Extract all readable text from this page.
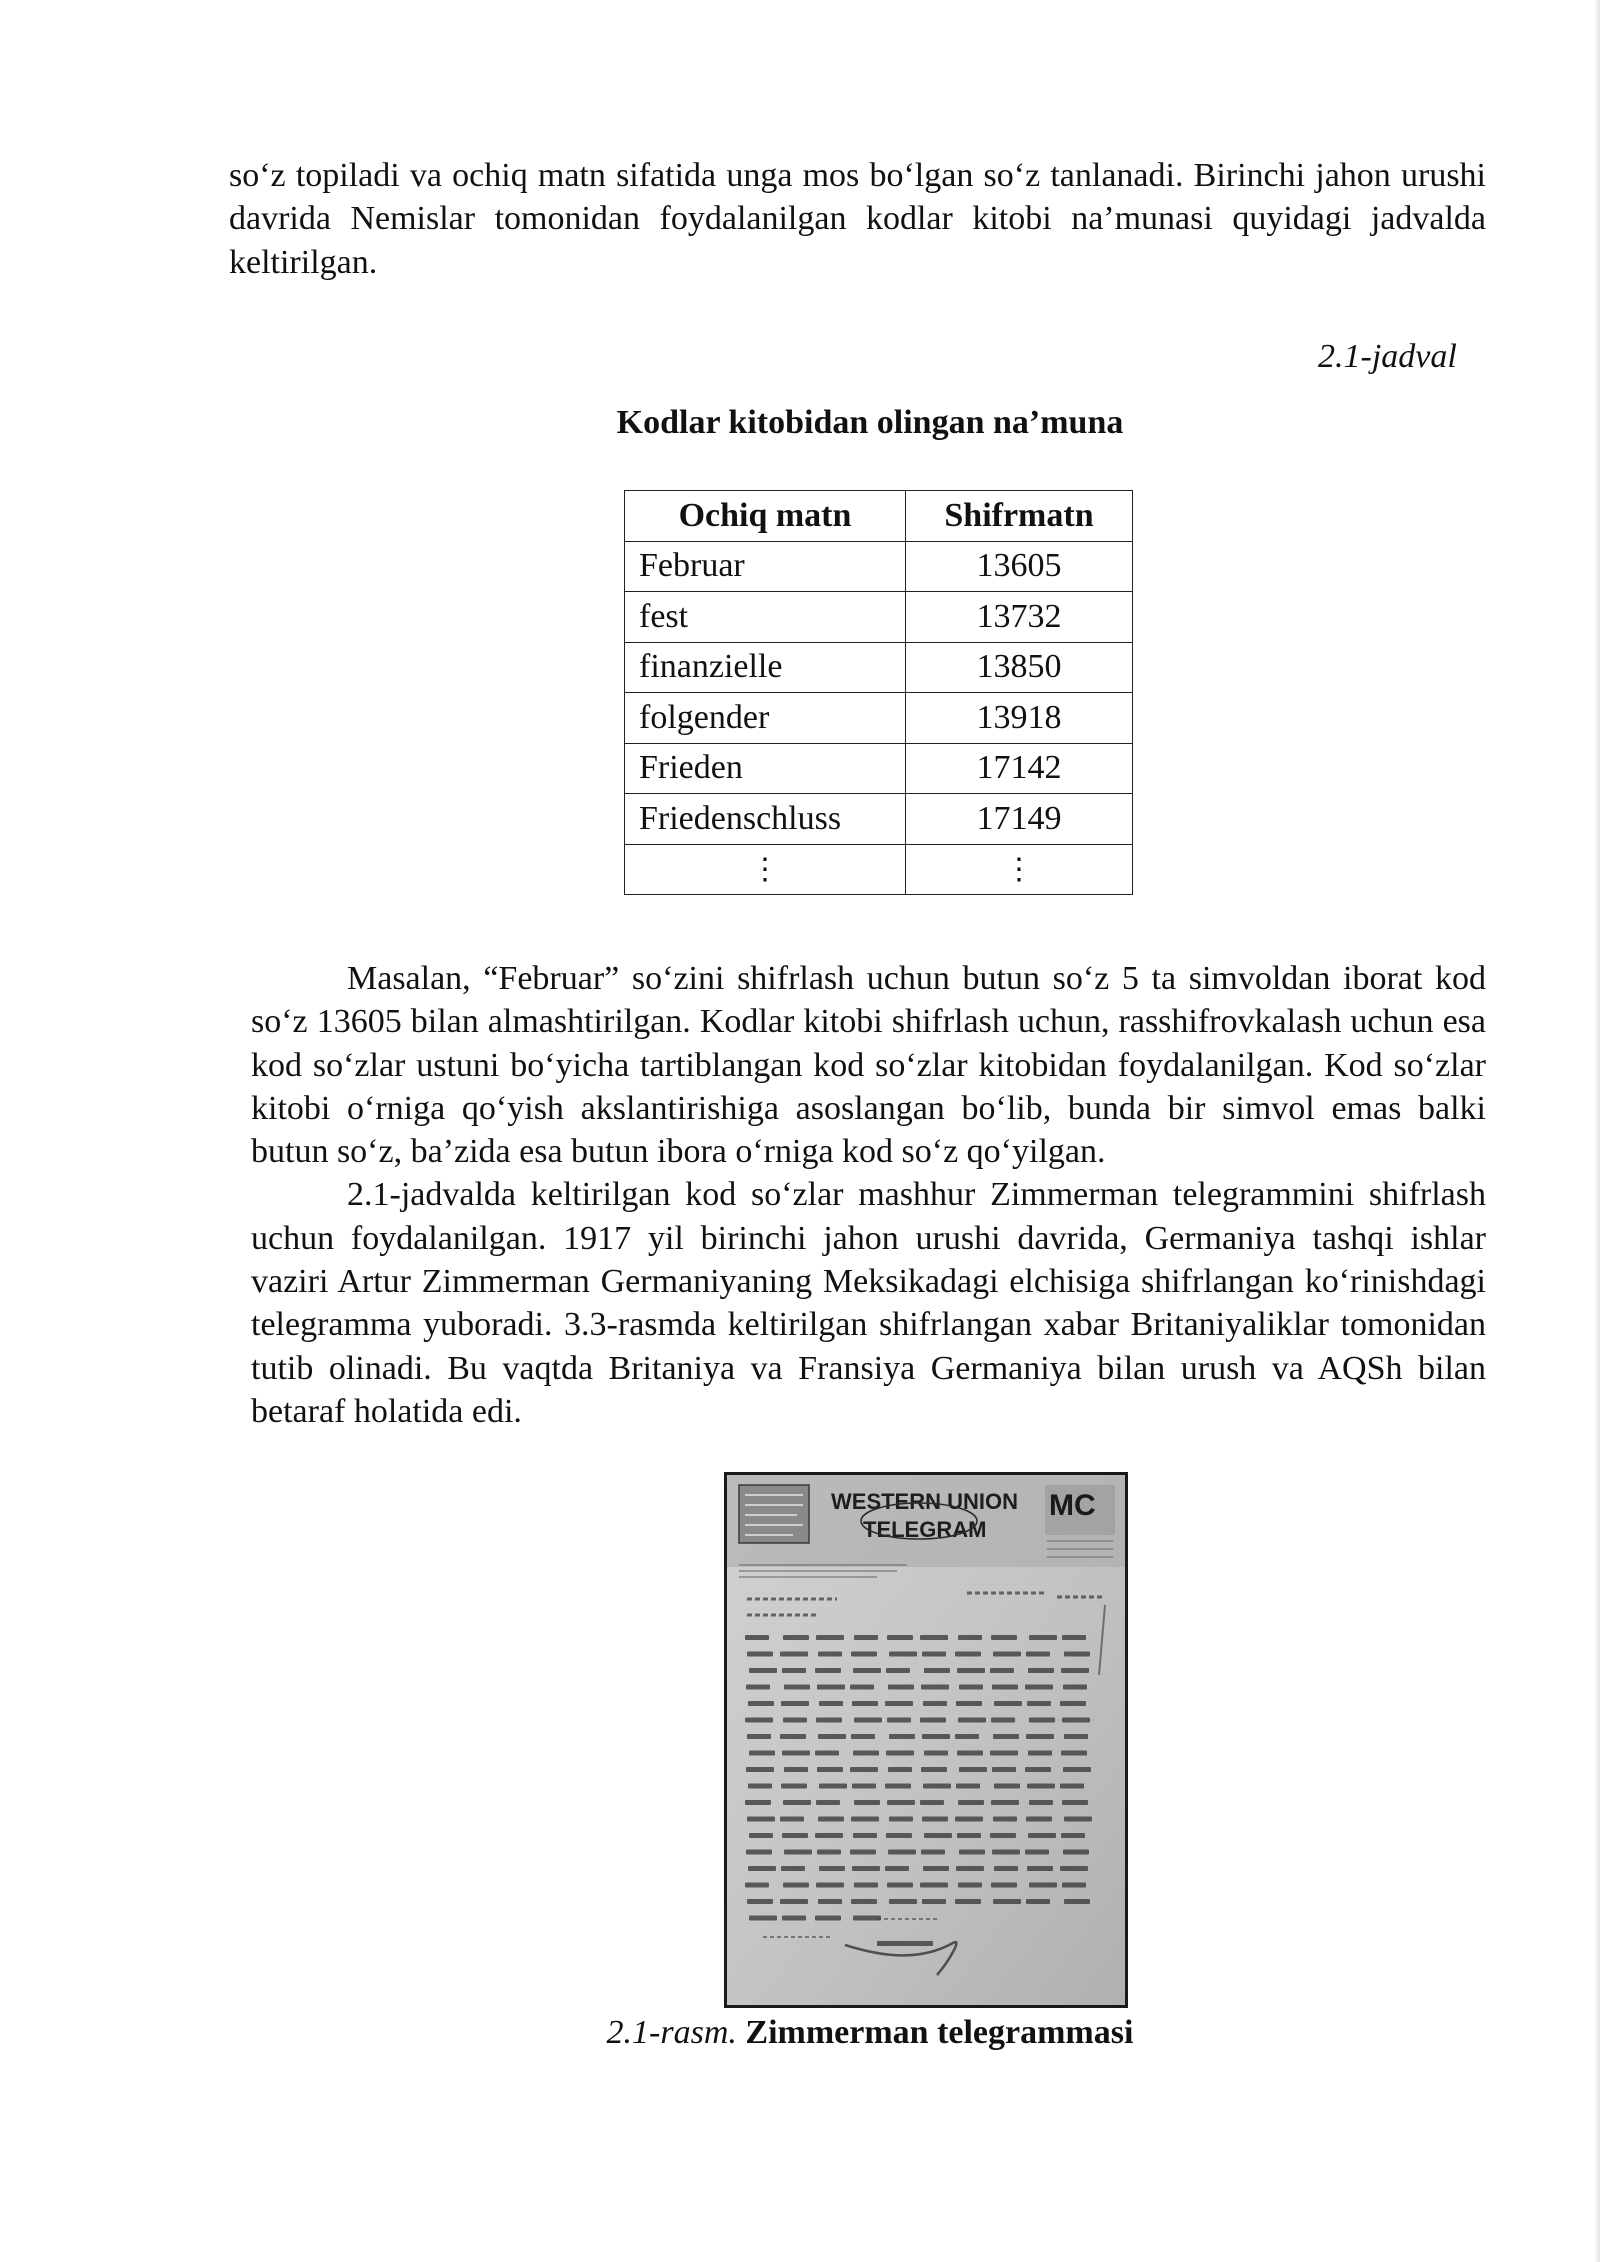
so‘z topiladi va ochiq matn sifatida unga mos bo‘lgan so‘z tanlanadi. Birinchi jahon urushi davrida Nemislar tomonidan foydalanilgan kodlar kitobi na’munasi quyidagi jadvalda keltirilgan.

2.1-jadval
Kodlar kitobidan olingan na’muna
Ochiq matn	Shifrmatn
Februar	13605
fest	13732
finanzielle	13850
folgender	13918
Frieden	17142
Friedenschluss	17149
⋮	⋮

Masalan, “Februar” so‘zini shifrlash uchun butun so‘z 5 ta simvoldan iborat kod so‘z 13605 bilan almashtirilgan. Kodlar kitobi shifrlash uchun, rasshifrovkalash uchun esa kod so‘zlar ustuni bo‘yicha tartiblangan kod so‘zlar kitobidan foydalanilgan. Kod so‘zlar kitobi o‘rniga qo‘yish akslantirishiga asoslangan bo‘lib, bunda bir simvol emas balki butun so‘z, ba’zida esa butun ibora o‘rniga kod so‘z qo‘yilgan.

2.1-jadvalda keltirilgan kod so‘zlar mashhur Zimmerman telegrammini shifrlash uchun foydalanilgan. 1917 yil birinchi jahon urushi davrida, Germaniya tashqi ishlar vaziri Artur Zimmerman Germaniyaning Meksikadagi elchisiga shifrlangan ko‘rinishdagi telegramma yuboradi. 3.3-rasmda keltirilgan shifrlangan xabar Britaniyaliklar tomonidan tutib olinadi. Bu vaqtda Britaniya va Fransiya Germaniya bilan urush va AQSh bilan betaraf holatida edi.

WESTERN UNION
TELEGRAM
MC
2.1-rasm. Zimmerman telegrammasi
